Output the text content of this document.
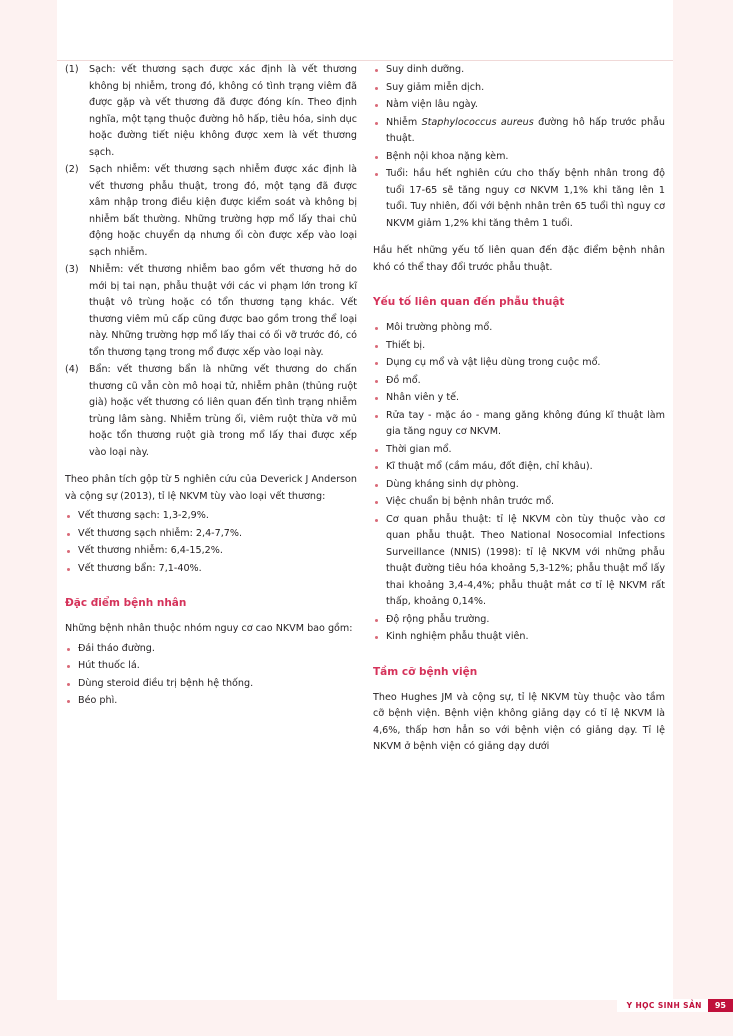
(1)	Sạch: vết thương sạch được xác định là vết thương không bị nhiễm, trong đó, không có tình trạng viêm đã được gặp và vết thương đã được đóng kín. Theo định nghĩa, một tạng thuộc đường hô hấp, tiêu hóa, sinh dục hoặc đường tiết niệu không được xem là vết thương sạch.
(2)	Sạch nhiễm: vết thương sạch nhiễm được xác định là vết thương phẫu thuật, trong đó, một tạng đã được xâm nhập trong điều kiện được kiểm soát và không bị nhiễm bất thường. Những trường hợp mổ lấy thai chủ động hoặc chuyển dạ nhưng ối còn được xếp vào loại sạch nhiễm.
(3)	Nhiễm: vết thương nhiễm bao gồm vết thương hở do mới bị tai nạn, phẫu thuật với các vi phạm lớn trong kĩ thuật vô trùng hoặc có tổn thương tạng khác. Vết thương viêm mủ cấp cũng được bao gồm trong thể loại này. Những trường hợp mổ lấy thai có ối vỡ trước đó, có tổn thương tạng trong mổ được xếp vào loại này.
(4)	Bẩn: vết thương bẩn là những vết thương do chấn thương cũ vẫn còn mô hoại tử, nhiễm phân (thủng ruột già) hoặc vết thương có liên quan đến tình trạng nhiễm trùng lâm sàng. Nhiễm trùng ối, viêm ruột thừa vỡ mủ hoặc tổn thương ruột già trong mổ lấy thai được xếp vào loại này.

Theo phân tích gộp từ 5 nghiên cứu của Deverick J Anderson và cộng sự (2013), tỉ lệ NKVM tùy vào loại vết thương:

Vết thương sạch: 1,3-2,9%.
Vết thương sạch nhiễm: 2,4-7,7%.
Vết thương nhiễm: 6,4-15,2%.
Vết thương bẩn: 7,1-40%.
Đặc điểm bệnh nhân

Những bệnh nhân thuộc nhóm nguy cơ cao NKVM bao gồm:

Đái tháo đường.
Hút thuốc lá.
Dùng steroid điều trị bệnh hệ thống.
Béo phì.
Suy dinh dưỡng.
Suy giảm miễn dịch.
Nằm viện lâu ngày.
Nhiễm Staphylococcus aureus đường hô hấp trước phẫu thuật.
Bệnh nội khoa nặng kèm.
Tuổi: hầu hết nghiên cứu cho thấy bệnh nhân trong độ tuổi 17-65 sẽ tăng nguy cơ NKVM 1,1% khi tăng lên 1 tuổi. Tuy nhiên, đối với bệnh nhân trên 65 tuổi thì nguy cơ NKVM giảm 1,2% khi tăng thêm 1 tuổi.

Hầu hết những yếu tố liên quan đến đặc điểm bệnh nhân khó có thể thay đổi trước phẫu thuật.

Yếu tố liên quan đến phẫu thuật
Môi trường phòng mổ.
Thiết bị.
Dụng cụ mổ và vật liệu dùng trong cuộc mổ.
Đồ mổ.
Nhân viên y tế.
Rửa tay - mặc áo - mang găng không đúng kĩ thuật làm gia tăng nguy cơ NKVM.
Thời gian mổ.
Kĩ thuật mổ (cầm máu, đốt điện, chỉ khâu).
Dùng kháng sinh dự phòng.
Việc chuẩn bị bệnh nhân trước mổ.
Cơ quan phẫu thuật: tỉ lệ NKVM còn tùy thuộc vào cơ quan phẫu thuật. Theo National Nosocomial Infections Surveillance (NNIS) (1998): tỉ lệ NKVM với những phẫu thuật đường tiêu hóa khoảng 5,3-12%; phẫu thuật mổ lấy thai khoảng 3,4-4,4%; phẫu thuật mắt cơ tỉ lệ NKVM rất thấp, khoảng 0,14%.
Độ rộng phẫu trường.
Kinh nghiệm phẫu thuật viên.
Tầm cỡ bệnh viện

Theo Hughes JM và cộng sự, tỉ lệ NKVM tùy thuộc vào tầm cỡ bệnh viện. Bệnh viện không giảng dạy có tỉ lệ NKVM là 4,6%, thấp hơn hẳn so với bệnh viện có giảng dạy. Tỉ lệ NKVM ở bệnh viện có giảng dạy dưới

Y HỌC SINH SẢN	95
